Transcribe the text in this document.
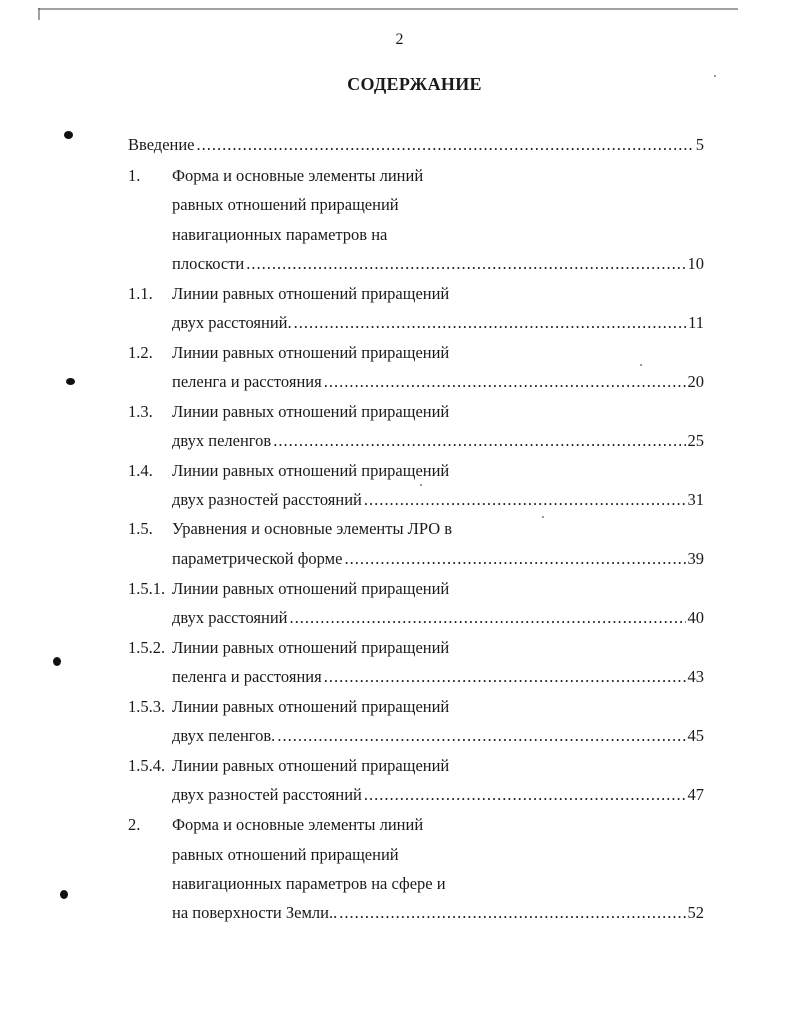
2
СОДЕРЖАНИЕ
Введение .....	5
1. Форма и основные элементы линий
равных отношений приращений
навигационных параметров на
плоскости .....	10
1.1. Линии равных отношений приращений
двух расстояний. .....	11
1.2. Линии равных отношений приращений
пеленга и расстояния .....	20
1.3. Линии равных отношений приращений
двух пеленгов .....	25
1.4. Линии равных отношений приращений
двух разностей расстояний .....	31
1.5. Уравнения и основные элементы ЛРО в
параметрической форме .....	39
1.5.1. Линии равных отношений приращений
двух расстояний .....	40
1.5.2. Линии равных отношений приращений
пеленга и расстояния .....	43
1.5.3. Линии равных отношений приращений
двух пеленгов. .....	45
1.5.4. Линии равных отношений приращений
двух разностей расстояний .....	47
2. Форма и основные элементы линий
равных отношений приращений
навигационных параметров на сфере и
на поверхности Земли.. .....	52
